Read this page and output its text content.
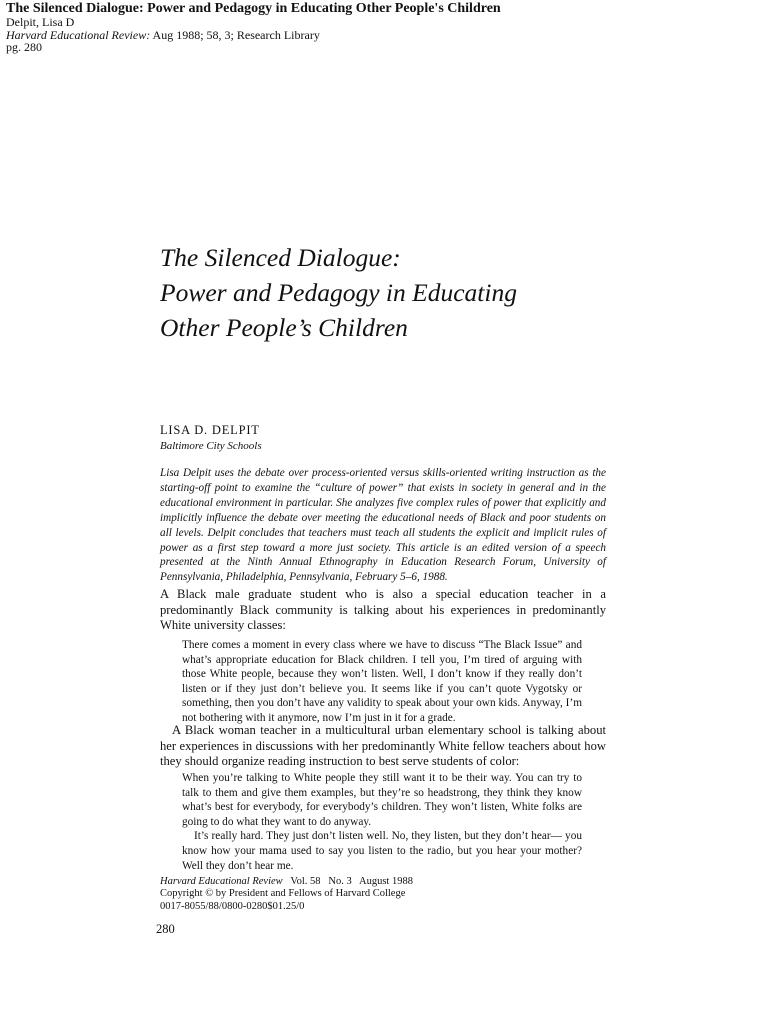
The Silenced Dialogue: Power and Pedagogy in Educating Other People's Children
Delpit, Lisa D
Harvard Educational Review: Aug 1988; 58, 3; Research Library
pg. 280
The Silenced Dialogue:
Power and Pedagogy in Educating
Other People’s Children
LISA D. DELPIT
Baltimore City Schools
Lisa Delpit uses the debate over process-oriented versus skills-oriented writing instruction as the starting-off point to examine the “culture of power” that exists in society in general and in the educational environment in particular. She analyzes five complex rules of power that explicitly and implicitly influence the debate over meeting the educational needs of Black and poor students on all levels. Delpit concludes that teachers must teach all students the explicit and implicit rules of power as a first step toward a more just society. This article is an edited version of a speech presented at the Ninth Annual Ethnography in Education Research Forum, University of Pennsylvania, Philadelphia, Pennsylvania, February 5–6, 1988.
A Black male graduate student who is also a special education teacher in a predominantly Black community is talking about his experiences in predominantly White university classes:
There comes a moment in every class where we have to discuss “The Black Issue” and what’s appropriate education for Black children. I tell you, I’m tired of arguing with those White people, because they won’t listen. Well, I don’t know if they really don’t listen or if they just don’t believe you. It seems like if you can’t quote Vygotsky or something, then you don’t have any validity to speak about your own kids. Anyway, I’m not bothering with it anymore, now I’m just in it for a grade.
A Black woman teacher in a multicultural urban elementary school is talking about her experiences in discussions with her predominantly White fellow teachers about how they should organize reading instruction to best serve students of color:
When you’re talking to White people they still want it to be their way. You can try to talk to them and give them examples, but they’re so headstrong, they think they know what’s best for everybody, for everybody’s children. They won’t listen, White folks are going to do what they want to do anyway.
It’s really hard. They just don’t listen well. No, they listen, but they don’t hear— you know how your mama used to say you listen to the radio, but you hear your mother? Well they don’t hear me.
Harvard Educational Review   Vol. 58   No. 3   August 1988
Copyright © by President and Fellows of Harvard College
0017-8055/88/0800-0280$01.25/0
280
